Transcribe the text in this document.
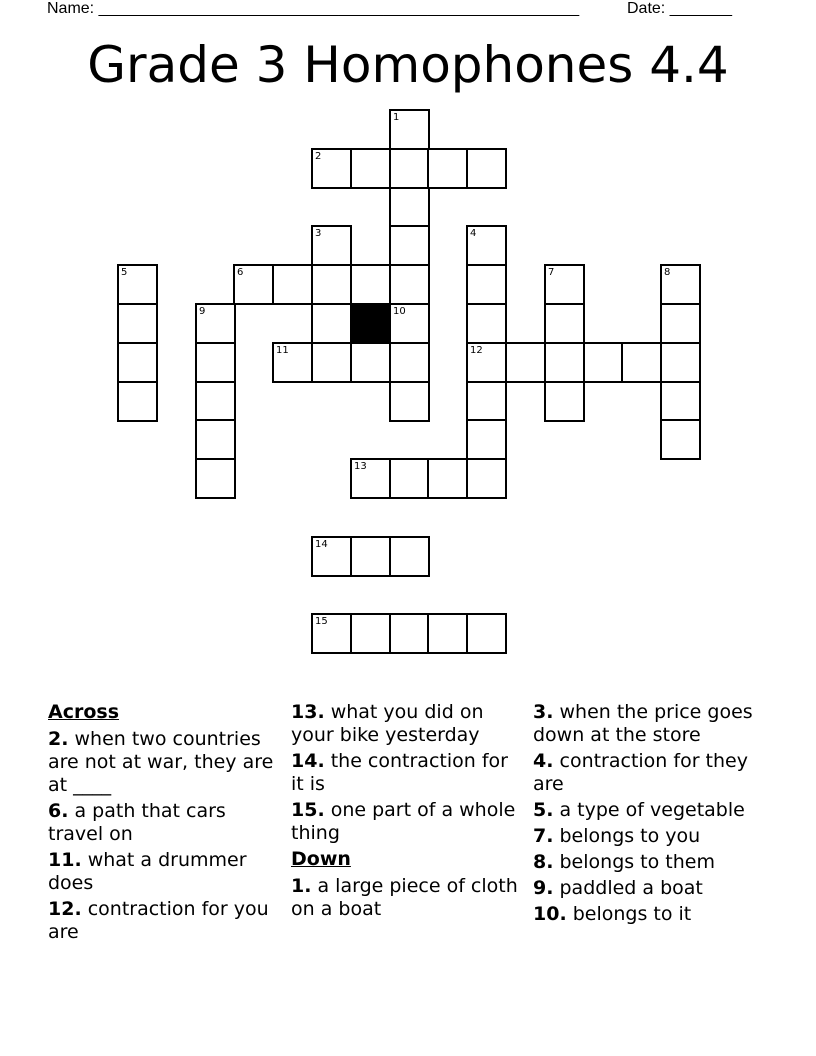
Name: ______________________________________________________	Date: _______
Grade 3 Homophones 4.4
1
2
3	4
5	6	7	8
9	10
11	12
13
14
15
Across
2. when two countries are not at war, they are at ____
6. a path that cars travel on
11. what a drummer does
12. contraction for you are
13. what you did on your bike yesterday
14. the contraction for it is
15. one part of a whole thing
Down
1. a large piece of cloth on a boat
3. when the price goes down at the store
4. contraction for they are
5. a type of vegetable
7. belongs to you
8. belongs to them
9. paddled a boat
10. belongs to it
